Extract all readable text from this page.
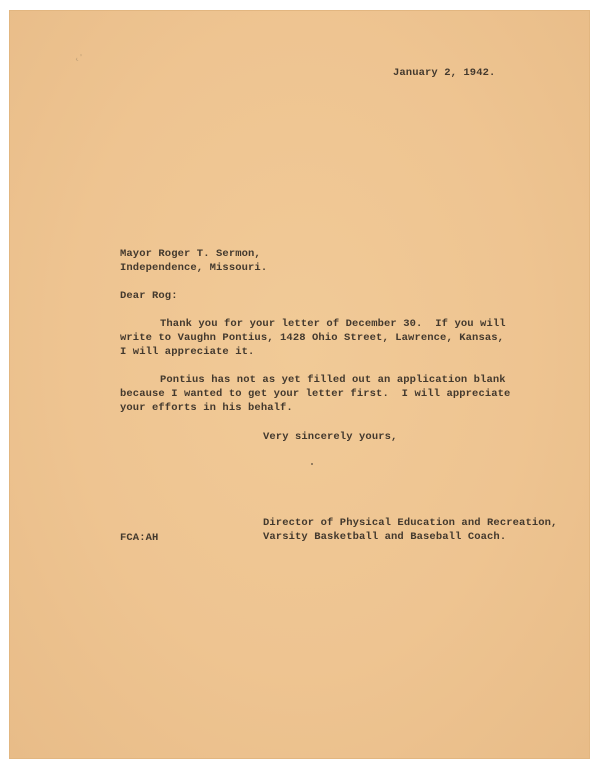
‹ ’
January 2, 1942.
Mayor Roger T. Sermon,
Independence, Missouri.
Dear Rog:
Thank you for your letter of December 30.  If you will
write to Vaughn Pontius, 1428 Ohio Street, Lawrence, Kansas,
I will appreciate it.
Pontius has not as yet filled out an application blank
because I wanted to get your letter first.  I will appreciate
your efforts in his behalf.
Very sincerely yours,
Director of Physical Education and Recreation,
Varsity Basketball and Baseball Coach.
FCA:AH
